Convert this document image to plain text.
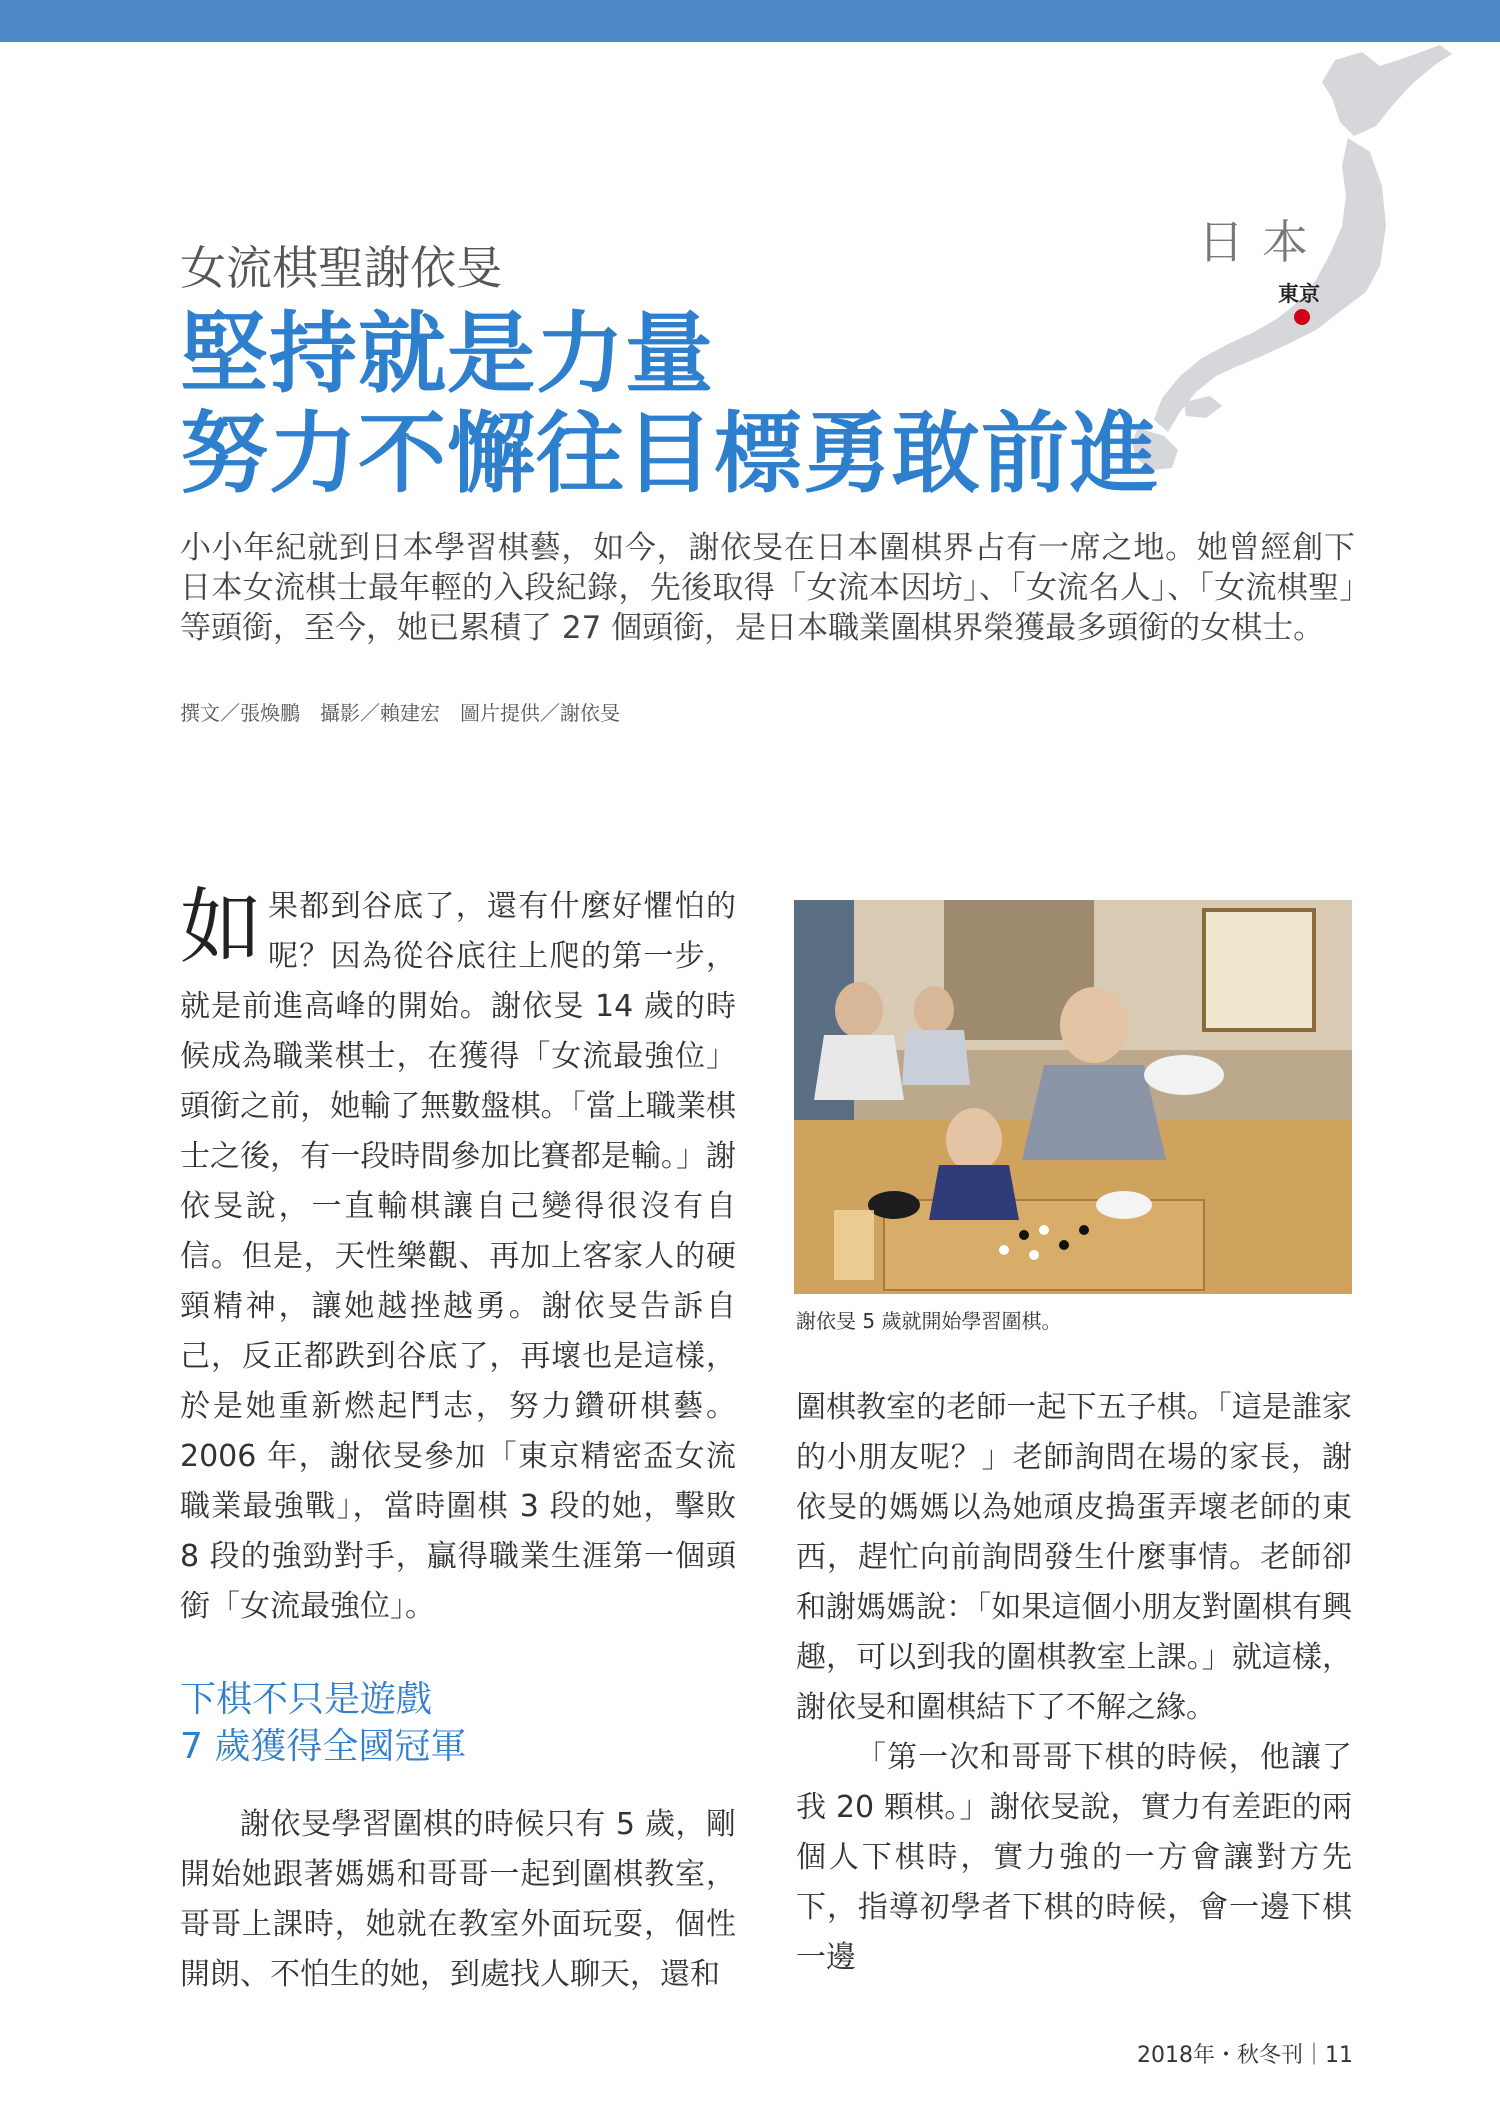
日本
東京
女流棋聖謝依旻
堅持就是力量
努力不懈往目標勇敢前進
小小年紀就到日本學習棋藝，如今，謝依旻在日本圍棋界占有一席之地。她曾經創下日本女流棋士最年輕的入段紀錄，先後取得「女流本因坊」、「女流名人」、「女流棋聖」等頭銜，至今，她已累積了 27 個頭銜，是日本職業圍棋界榮獲最多頭銜的女棋士。
撰文／張煥鵬　攝影／賴建宏　圖片提供／謝依旻

如果都到谷底了，還有什麼好懼怕的呢？因為從谷底往上爬的第一步，就是前進高峰的開始。謝依旻 14 歲的時候成為職業棋士，在獲得「女流最強位」頭銜之前，她輸了無數盤棋。「當上職業棋士之後，有一段時間參加比賽都是輸。」謝依旻說，一直輸棋讓自己變得很沒有自信。但是，天性樂觀、再加上客家人的硬頸精神，讓她越挫越勇。謝依旻告訴自己，反正都跌到谷底了，再壞也是這樣，於是她重新燃起鬥志，努力鑽研棋藝。2006 年，謝依旻參加「東京精密盃女流職業最強戰」，當時圍棋 3 段的她，擊敗 8 段的強勁對手，贏得職業生涯第一個頭銜「女流最強位」。

下棋不只是遊戲
7 歲獲得全國冠軍

謝依旻學習圍棋的時候只有 5 歲，剛開始她跟著媽媽和哥哥一起到圍棋教室，哥哥上課時，她就在教室外面玩耍，個性開朗、不怕生的她，到處找人聊天，還和

謝依旻 5 歲就開始學習圍棋。

圍棋教室的老師一起下五子棋。「這是誰家的小朋友呢？」老師詢問在場的家長，謝依旻的媽媽以為她頑皮搗蛋弄壞老師的東西，趕忙向前詢問發生什麼事情。老師卻和謝媽媽說：「如果這個小朋友對圍棋有興趣，可以到我的圍棋教室上課。」就這樣，謝依旻和圍棋結下了不解之緣。

「第一次和哥哥下棋的時候，他讓了我 20 顆棋。」謝依旻說，實力有差距的兩個人下棋時，實力強的一方會讓對方先下，指導初學者下棋的時候，會一邊下棋一邊

2018年・秋冬刊｜11
